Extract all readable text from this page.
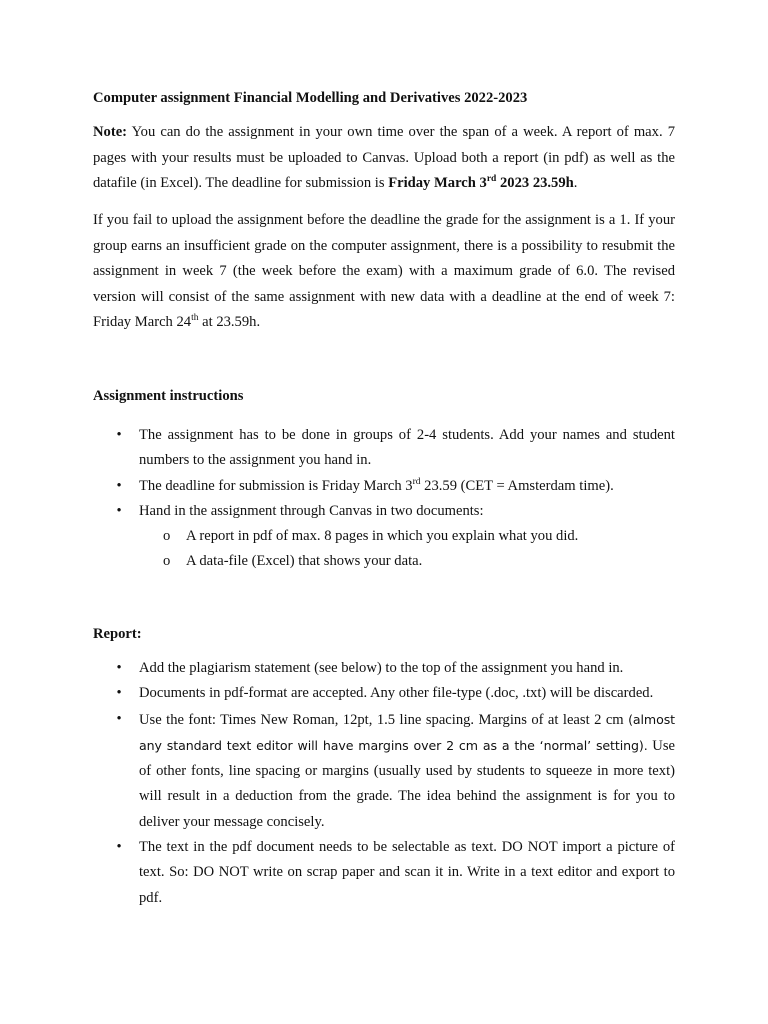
Computer assignment Financial Modelling and Derivatives 2022-2023

Note: You can do the assignment in your own time over the span of a week. A report of max. 7 pages with your results must be uploaded to Canvas. Upload both a report (in pdf) as well as the datafile (in Excel). The deadline for submission is Friday March 3rd 2023 23.59h.

If you fail to upload the assignment before the deadline the grade for the assignment is a 1. If your group earns an insufficient grade on the computer assignment, there is a possibility to resubmit the assignment in week 7 (the week before the exam) with a maximum grade of 6.0. The revised version will consist of the same assignment with new data with a deadline at the end of week 7: Friday March 24th at 23.59h.

Assignment instructions

• The assignment has to be done in groups of 2-4 students. Add your names and student numbers to the assignment you hand in.
• The deadline for submission is Friday March 3rd 23.59 (CET = Amsterdam time).
• Hand in the assignment through Canvas in two documents:
o A report in pdf of max. 8 pages in which you explain what you did.
o A data-file (Excel) that shows your data.

Report:

• Add the plagiarism statement (see below) to the top of the assignment you hand in.
• Documents in pdf-format are accepted. Any other file-type (.doc, .txt) will be discarded.
• Use the font: Times New Roman, 12pt, 1.5 line spacing. Margins of at least 2 cm (almost any standard text editor will have margins over 2 cm as a the ‘normal’ setting). Use of other fonts, line spacing or margins (usually used by students to squeeze in more text) will result in a deduction from the grade. The idea behind the assignment is for you to deliver your message concisely.
• The text in the pdf document needs to be selectable as text. DO NOT import a picture of text. So: DO NOT write on scrap paper and scan it in. Write in a text editor and export to pdf.
